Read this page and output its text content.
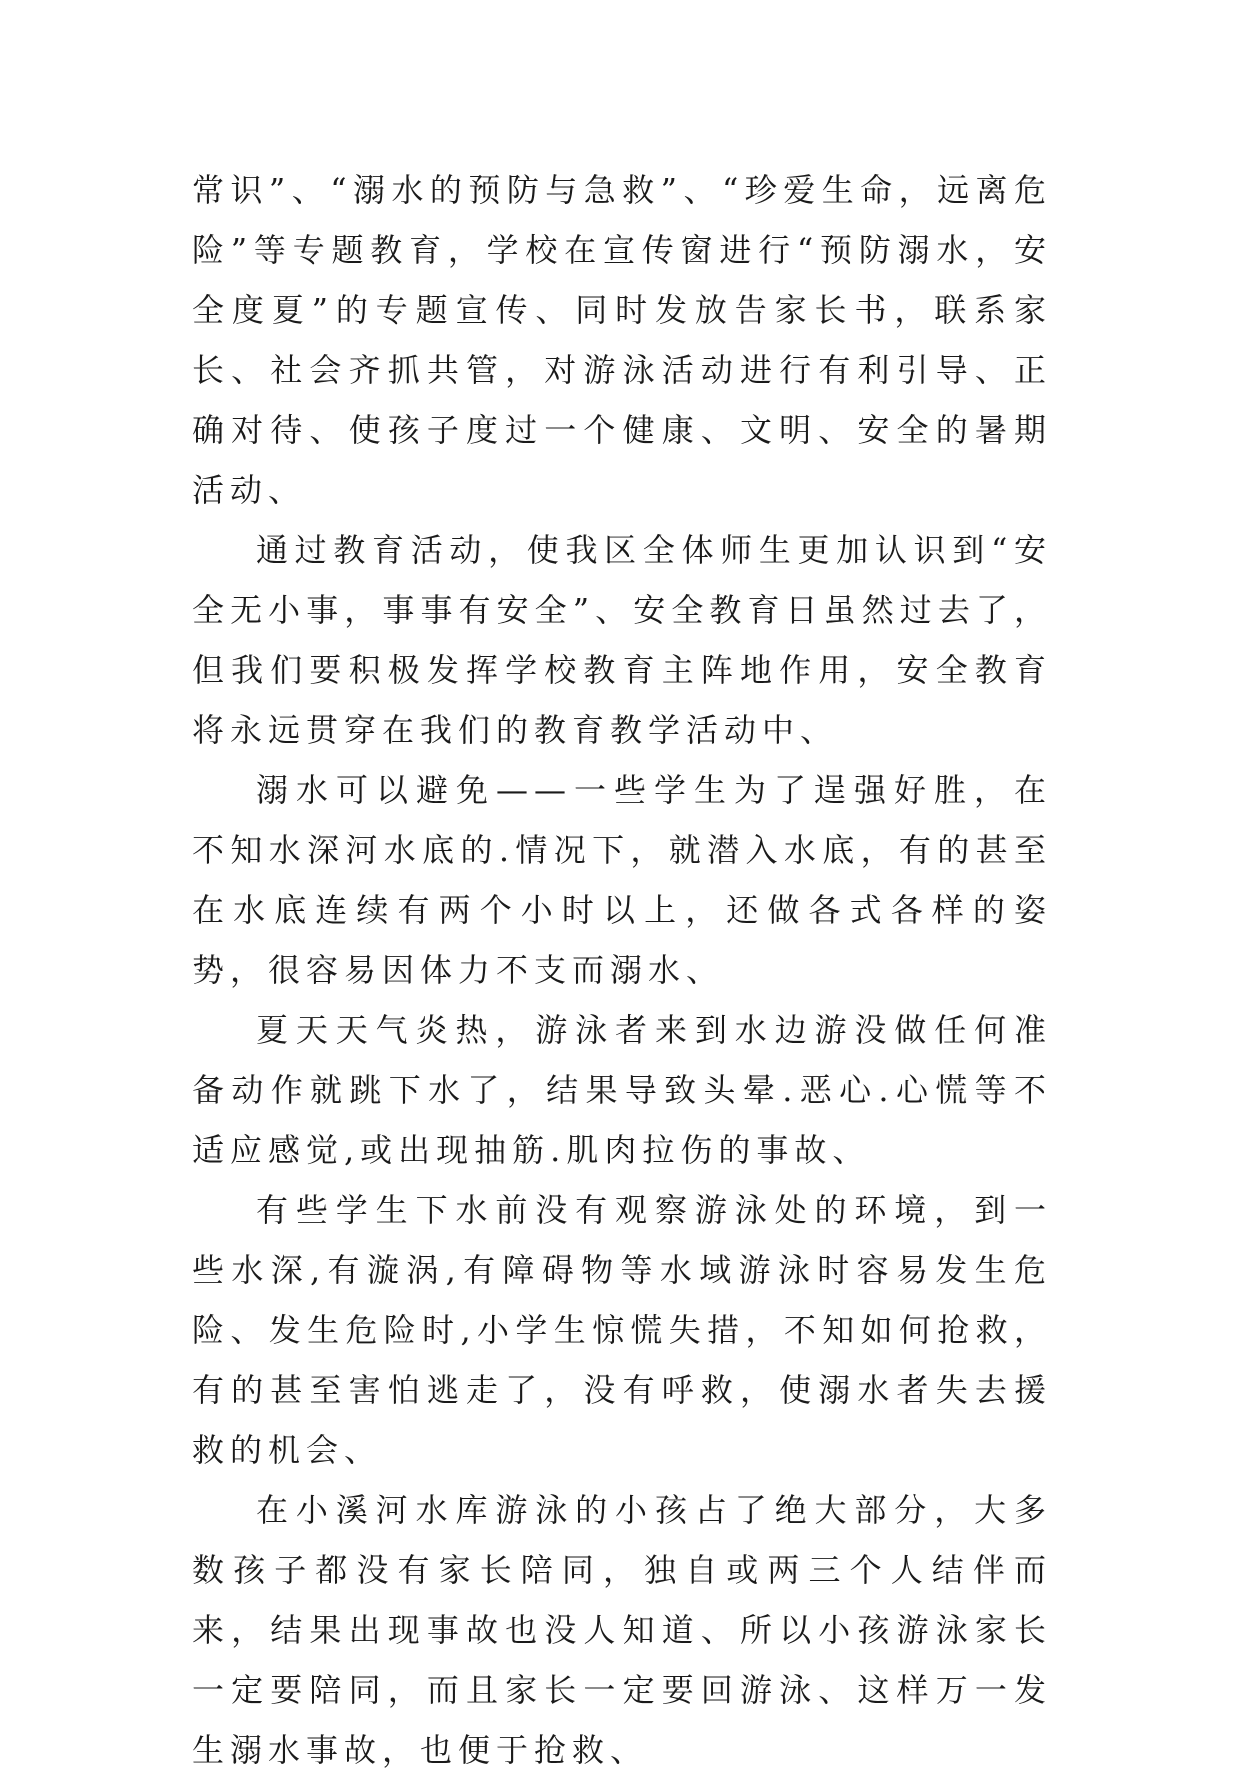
常识”、“溺水的预防与急救”、“珍爱生命，远离危险”等专题教育，学校在宣传窗进行“预防溺水，安全度夏”的专题宣传、同时发放告家长书，联系家长、社会齐抓共管，对游泳活动进行有利引导、正确对待、使孩子度过一个健康、文明、安全的暑期活动、

通过教育活动，使我区全体师生更加认识到“安全无小事，事事有安全”、安全教育日虽然过去了，但我们要积极发挥学校教育主阵地作用，安全教育将永远贯穿在我们的教育教学活动中、

溺水可以避免——一些学生为了逞强好胜，在不知水深河水底的.情况下，就潜入水底，有的甚至在水底连续有两个小时以上，还做各式各样的姿势，很容易因体力不支而溺水、

夏天天气炎热，游泳者来到水边游没做任何准备动作就跳下水了，结果导致头晕.恶心.心慌等不适应感觉,或出现抽筋.肌肉拉伤的事故、

有些学生下水前没有观察游泳处的环境，到一些水深,有漩涡,有障碍物等水域游泳时容易发生危险、发生危险时,小学生惊慌失措，不知如何抢救，有的甚至害怕逃走了，没有呼救，使溺水者失去援救的机会、

在小溪河水库游泳的小孩占了绝大部分，大多数孩子都没有家长陪同，独自或两三个人结伴而来，结果出现事故也没人知道、所以小孩游泳家长一定要陪同，而且家长一定要回游泳、这样万一发生溺水事故，也便于抢救、
